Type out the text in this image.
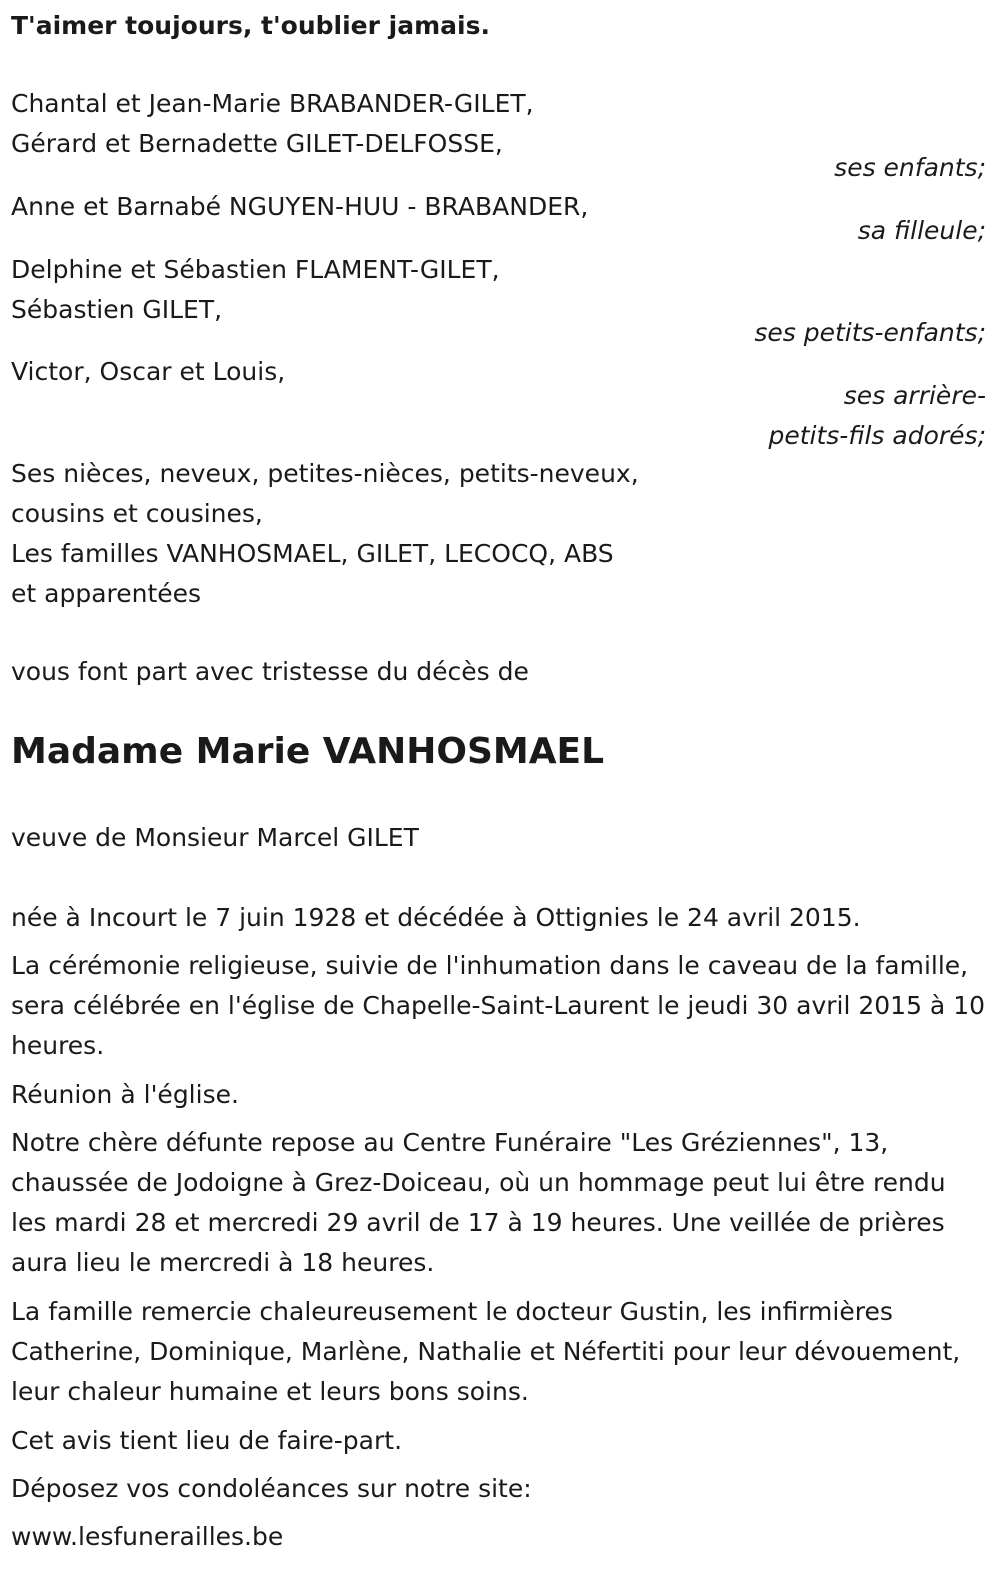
T'aimer toujours, t'oublier jamais.

Chantal et Jean-Marie BRABANDER-GILET,
Gérard et Bernadette GILET-DELFOSSE,
ses enfants;
Anne et Barnabé NGUYEN-HUU - BRABANDER,
sa filleule;
Delphine et Sébastien FLAMENT-GILET,
Sébastien GILET,
ses petits-enfants;
Victor, Oscar et Louis,
ses arrière-
petits-fils adorés;
Ses nièces, neveux, petites-nièces, petits-neveux,
cousins et cousines,
Les familles VANHOSMAEL, GILET, LECOCQ, ABS
et apparentées
vous font part avec tristesse du décès de
Madame Marie VANHOSMAEL
veuve de Monsieur Marcel GILET
née à Incourt le 7 juin 1928 et décédée à Ottignies le 24 avril 2015.

La cérémonie religieuse, suivie de l'inhumation dans le caveau de la famille, sera célébrée en l'église de Chapelle-Saint-Laurent le jeudi 30 avril 2015 à 10 heures.

Réunion à l'église.

Notre chère défunte repose au Centre Funéraire "Les Gréziennes", 13, chaussée de Jodoigne à Grez-Doiceau, où un hommage peut lui être rendu les mardi 28 et mercredi 29 avril de 17 à 19 heures. Une veillée de prières aura lieu le mercredi à 18 heures.

La famille remercie chaleureusement le docteur Gustin, les infirmières Catherine, Dominique, Marlène, Nathalie et Néfertiti pour leur dévouement, leur chaleur humaine et leurs bons soins.

Cet avis tient lieu de faire-part.

Déposez vos condoléances sur notre site:

www.lesfunerailles.be
